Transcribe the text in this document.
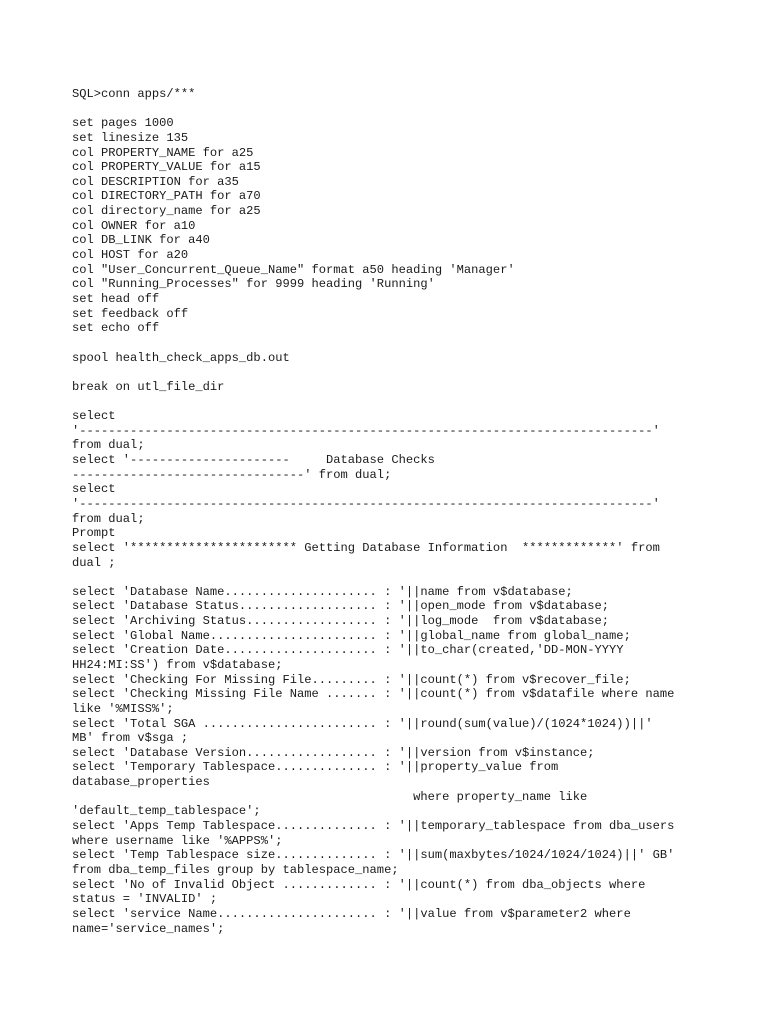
SQL>conn apps/***
set pages 1000
set linesize 135
col PROPERTY_NAME for a25
col PROPERTY_VALUE for a15
col DESCRIPTION for a35
col DIRECTORY_PATH for a70
col directory_name for a25
col OWNER for a10
col DB_LINK for a40
col HOST for a20
col "User_Concurrent_Queue_Name" format a50 heading 'Manager'
col "Running_Processes" for 9999 heading 'Running'
set head off
set feedback off
set echo off
spool health_check_apps_db.out
break on utl_file_dir
select
'-------------------------------------------------------------------------------'
from dual;
select '----------------------     Database Checks
--------------------------------' from dual;
select
'-------------------------------------------------------------------------------'
from dual;
Prompt
select '*********************** Getting Database Information  *************' from
dual ;
select 'Database Name..................... : '||name from v$database;
select 'Database Status................... : '||open_mode from v$database;
select 'Archiving Status.................. : '||log_mode  from v$database;
select 'Global Name....................... : '||global_name from global_name;
select 'Creation Date..................... : '||to_char(created,'DD-MON-YYYY
HH24:MI:SS') from v$database;
select 'Checking For Missing File......... : '||count(*) from v$recover_file;
select 'Checking Missing File Name ....... : '||count(*) from v$datafile where name
like '%MISS%';
select 'Total SGA ........................ : '||round(sum(value)/(1024*1024))||'
MB' from v$sga ;
select 'Database Version.................. : '||version from v$instance;
select 'Temporary Tablespace.............. : '||property_value from
database_properties
where property_name like
'default_temp_tablespace';
select 'Apps Temp Tablespace.............. : '||temporary_tablespace from dba_users
where username like '%APPS%';
select 'Temp Tablespace size.............. : '||sum(maxbytes/1024/1024/1024)||' GB'
from dba_temp_files group by tablespace_name;
select 'No of Invalid Object ............. : '||count(*) from dba_objects where
status = 'INVALID' ;
select 'service Name...................... : '||value from v$parameter2 where
name='service_names';
